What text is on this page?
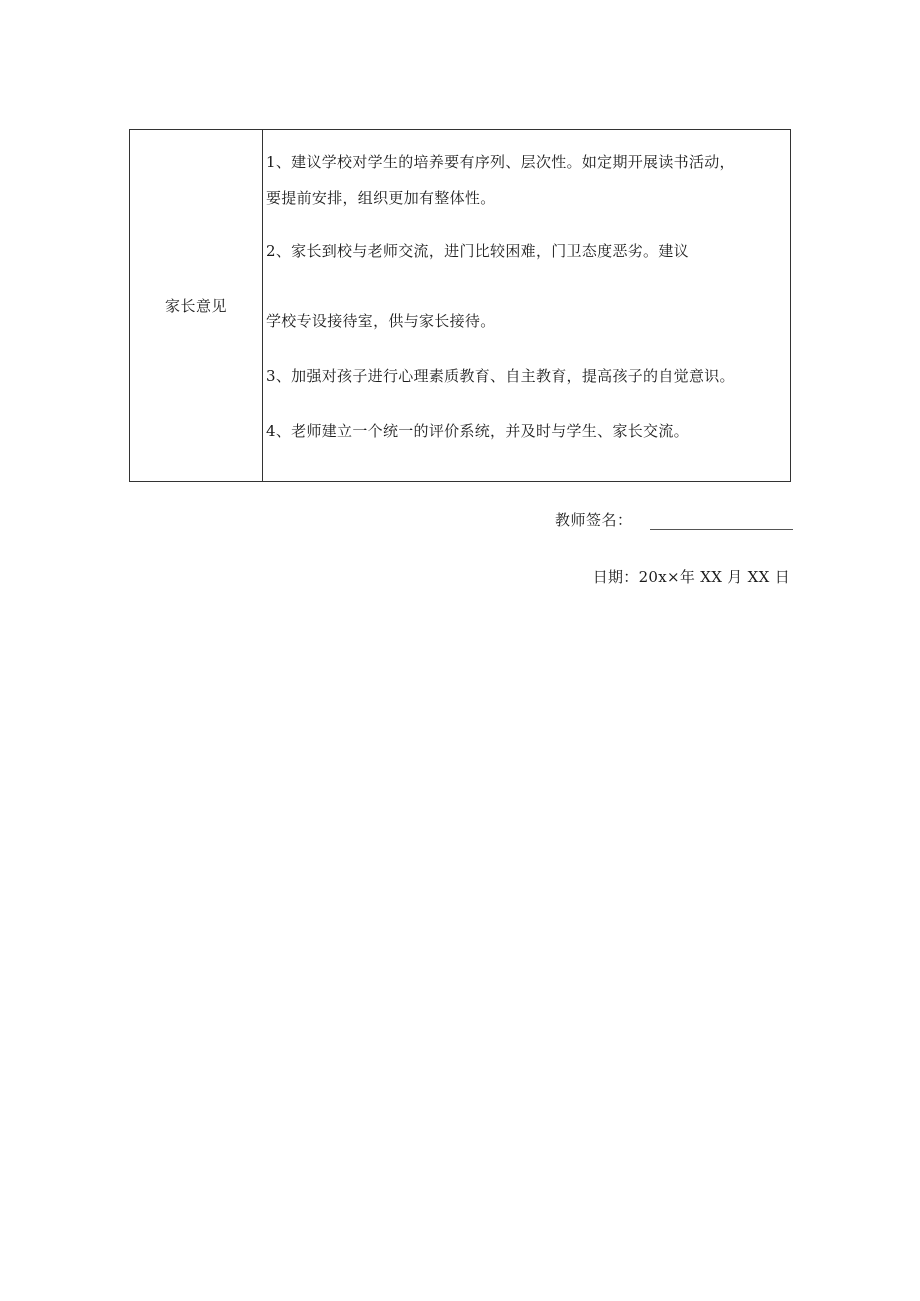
家长意见
1、建议学校对学生的培养要有序列、层次性。如定期开展读书活动，
要提前安排，组织更加有整体性。
2、家长到校与老师交流，进门比较困难，门卫态度恶劣。建议
学校专设接待室，供与家长接待。
3、加强对孩子进行心理素质教育、自主教育，提高孩子的自觉意识。
4、老师建立一个统一的评价系统，并及时与学生、家长交流。
教师签名：
日期：20x×年 XX 月 XX 日
